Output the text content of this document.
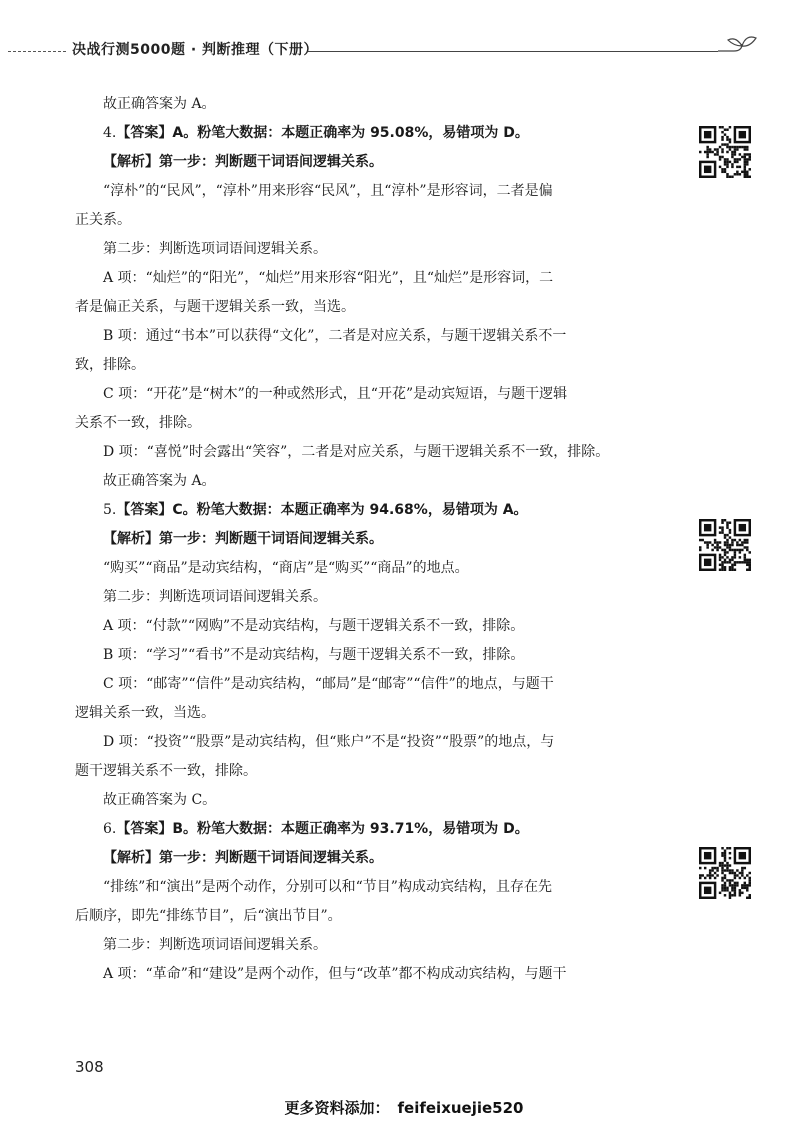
决战行测5000题 · 判断推理（下册）
故正确答案为 A。
4.【答案】A。粉笔大数据：本题正确率为 95.08%，易错项为 D。
【解析】第一步：判断题干词语间逻辑关系。
“淳朴”的“民风”，“淳朴”用来形容“民风”，且“淳朴”是形容词，二者是偏
正关系。
第二步：判断选项词语间逻辑关系。
A 项：“灿烂”的“阳光”，“灿烂”用来形容“阳光”，且“灿烂”是形容词，二
者是偏正关系，与题干逻辑关系一致，当选。
B 项：通过“书本”可以获得“文化”，二者是对应关系，与题干逻辑关系不一
致，排除。
C 项：“开花”是“树木”的一种或然形式，且“开花”是动宾短语，与题干逻辑
关系不一致，排除。
D 项：“喜悦”时会露出“笑容”，二者是对应关系，与题干逻辑关系不一致，排除。
故正确答案为 A。
5.【答案】C。粉笔大数据：本题正确率为 94.68%，易错项为 A。
【解析】第一步：判断题干词语间逻辑关系。
“购买”“商品”是动宾结构，“商店”是“购买”“商品”的地点。
第二步：判断选项词语间逻辑关系。
A 项：“付款”“网购”不是动宾结构，与题干逻辑关系不一致，排除。
B 项：“学习”“看书”不是动宾结构，与题干逻辑关系不一致，排除。
C 项：“邮寄”“信件”是动宾结构，“邮局”是“邮寄”“信件”的地点，与题干
逻辑关系一致，当选。
D 项：“投资”“股票”是动宾结构，但“账户”不是“投资”“股票”的地点，与
题干逻辑关系不一致，排除。
故正确答案为 C。
6.【答案】B。粉笔大数据：本题正确率为 93.71%，易错项为 D。
【解析】第一步：判断题干词语间逻辑关系。
“排练”和“演出”是两个动作，分别可以和“节目”构成动宾结构，且存在先
后顺序，即先“排练节目”，后“演出节目”。
第二步：判断选项词语间逻辑关系。
A 项：“革命”和“建设”是两个动作，但与“改革”都不构成动宾结构，与题干
308
更多资料添加： feifeixuejie520
